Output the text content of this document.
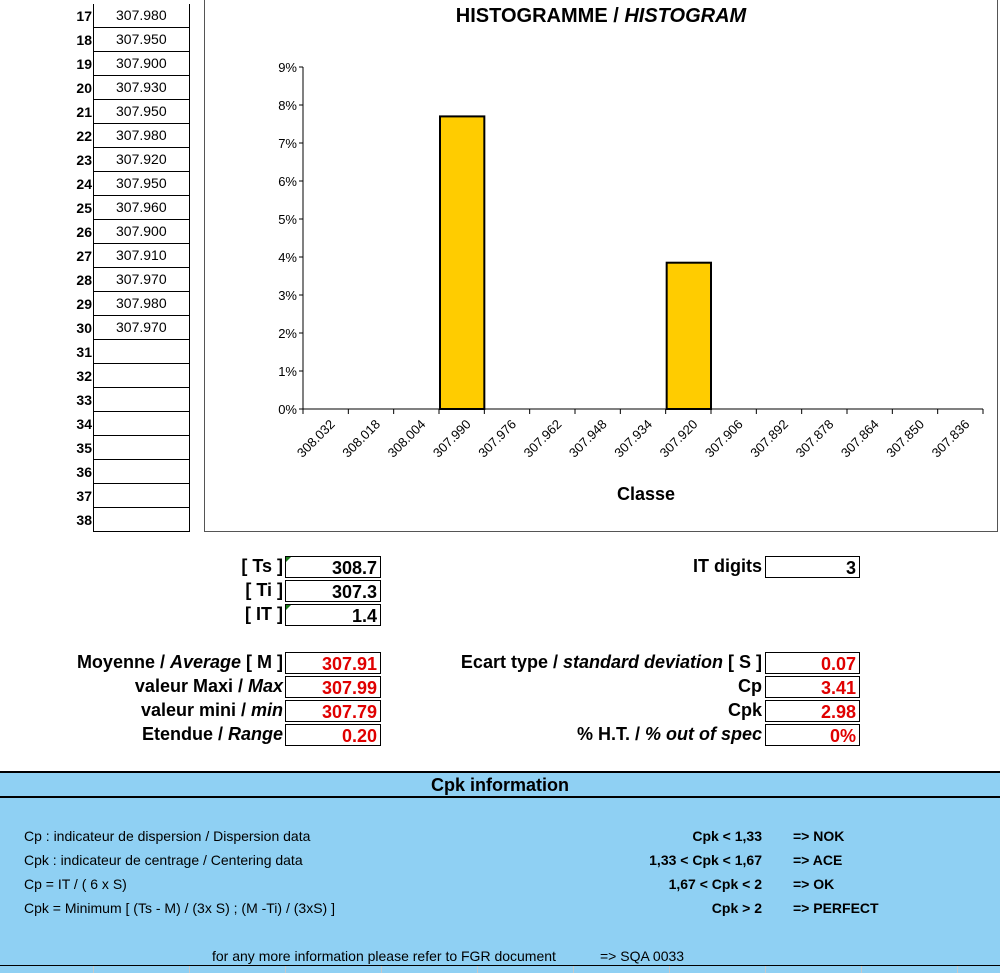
17	307.980
18	307.950
19	307.900
20	307.930
21	307.950
22	307.980
23	307.920
24	307.950
25	307.960
26	307.900
27	307.910
28	307.970
29	307.980
30	307.970
31
32
33
34
35
36
37
38
HISTOGRAMME / HISTOGRAM
0%
1%
2%
3%
4%
5%
6%
7%
8%
9%
308.032 308.018 308.004 307.990 307.976 307.962 307.948 307.934 307.920 307.906 307.892 307.878 307.864 307.850 307.836
Classe
[ Ts ]	308.7
[ Ti ]	307.3
[ IT ]	1.4
IT digits	3
Moyenne / Average [ M ]	307.91
valeur Maxi / Max	307.99
valeur mini / min	307.79
Etendue / Range	0.20
Ecart type / standard deviation [ S ]	0.07
Cp	3.41
Cpk	2.98
% H.T. / % out of spec	0%
Cpk information
Cp : indicateur de dispersion / Dispersion data
Cpk : indicateur de centrage / Centering data
Cp = IT / ( 6 x S)
Cpk = Minimum [ (Ts - M) / (3x S) ; (M -Ti) / (3xS) ]
Cpk < 1,33 => NOK
1,33 < Cpk < 1,67 => ACE
1,67 < Cpk < 2 => OK
Cpk > 2 => PERFECT
for any more information please refer to FGR document	=> SQA 0033
